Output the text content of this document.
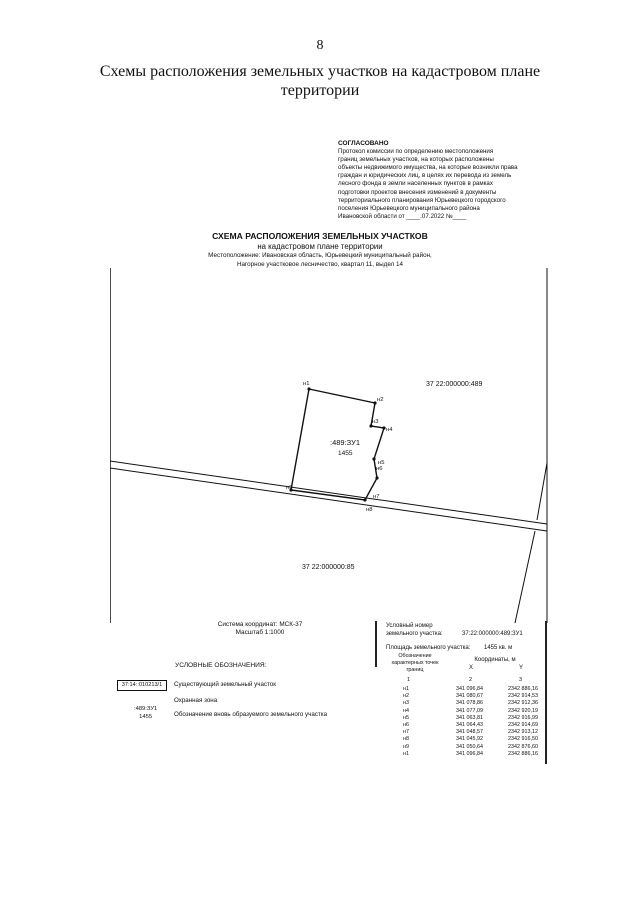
8
Схемы расположения земельных участков на кадастровом плане территории
СОГЛАСОВАНО
Протокол комиссии по определению местоположения
границ земельных участков, на которых расположены
объекты недвижимого имущества, на которые возникли права
граждан и юридических лиц, в целях их перевода из земель
лесного фонда в земли населенных пунктов в рамках
подготовки проектов внесения изменений в документы
территориального планирования Юрьевецкого городского
поселения Юрьевецкого муниципального района
Ивановской области от ____.07.2022 №____
СХЕМА РАСПОЛОЖЕНИЯ ЗЕМЕЛЬНЫХ УЧАСТКОВ
на кадастровом плане территории
Местоположение: Ивановская область, Юрьевецкий муниципальный район,
Нагорное участковое лесничество, квартал 11, выдел 14
н1
н2
н3
н4
н5
н6
н7
н8
н9
:489:ЗУ1
1455
37 22:000000:489
37 22:000000:85
Система координат: МСК-37
Масштаб 1:1000
УСЛОВНЫЕ ОБОЗНАЧЕНИЯ:
37:14::010213/1	Существующий земельный участок
Охранная зона
:489:ЗУ1
1455	Обозначение вновь образуемого земельного участка
Условный номер земельного участка:	37:22:000000:489:ЗУ1
Площадь земельного участка: 1455 кв. м
Обозначение характерных точек границ
Координаты, м
X	Y
1	2	3
н1	341 096,84	2342 886,16
н2	341 080,67	2342 914,53
н3	341 078,86	2342 912,36
н4	341 077,09	2342 920,19
н5	341 063,81	2342 916,99
н6	341 064,43	2342 914,69
н7	341 048,57	2342 913,12
н8	341 045,92	2342 916,50
н9	341 050,64	2342 876,60
н1	341 096,84	2342 886,16
